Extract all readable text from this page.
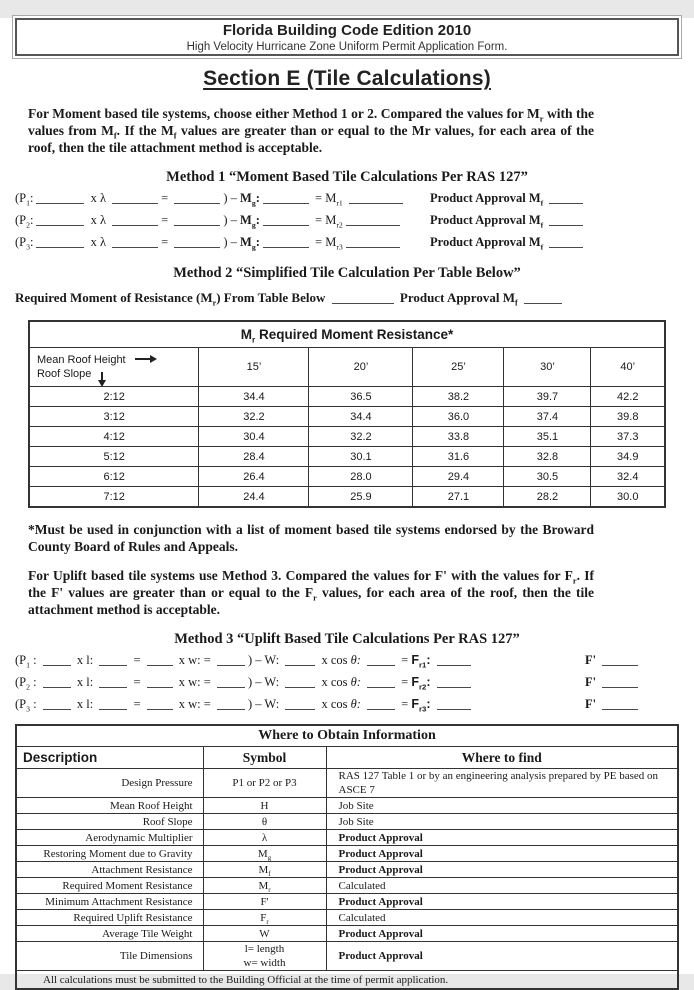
Florida Building Code Edition 2010
High Velocity Hurricane Zone Uniform Permit Application Form.
Section E (Tile Calculations)

For Moment based tile systems, choose either Method 1 or 2. Compared the values for $M_r$ with the values from $M_f$. If the $M_f$ values are greater than or equal to the Mr values, for each area of the roof, then the tile attachment method is acceptable.

Method 1 “Moment Based Tile Calculations Per RAS 127”
($P_1$:	x λ	=	) – $M_g$:	= $M_{r1}$	Product Approval $M_f$
($P_2$:	x λ	=	) – $M_g$:	= $M_{r2}$	Product Approval $M_f$
($P_3$:	x λ	=	) – $M_g$:	= $M_{r3}$	Product Approval $M_f$
Method 2 “Simplified Tile Calculation Per Table Below”
Required Moment of Resistance $(M_r)$ From Table Below	Product Approval $M_f$
$M_r$ Required Moment Resistance*					

Mean Roof Height
Roof Slope	15’	20’	25’	30’	40’
2:12	34.4	36.5	38.2	39.7	42.2
3:12	32.2	34.4	36.0	37.4	39.8
4:12	30.4	32.2	33.8	35.1	37.3
5:12	28.4	30.1	31.6	32.8	34.9
6:12	26.4	28.0	29.4	30.5	32.4
7:12	24.4	25.9	27.1	28.2	30.0

*Must be used in conjunction with a list of moment based tile systems endorsed by the Broward County Board of Rules and Appeals.

For Uplift based tile systems use Method 3. Compared the values for F' with the values for $F_r$. If the F' values are greater than or equal to the $F_r$ values, for each area of the roof, then the tile attachment method is acceptable.

Method 3 “Uplift Based Tile Calculations Per RAS 127”
($P_1$ :	x l:	=	x w: =	) – W:	x cos θ:	= $F_{r1}$:	F'
($P_2$ :	x l:	=	x w: =	) – W:	x cos θ:	= $F_{r2}$:	F'
($P_3$ :	x l:	=	x w: =	) – W:	x cos θ:	= $F_{r3}$:	F'
Where to Obtain Information		
Description	Symbol	Where to find
Design Pressure	P1 or P2 or P3	RAS 127 Table 1 or by an engineering analysis prepared by PE based on ASCE 7
Mean Roof Height	H	Job Site
Roof Slope	θ	Job Site
Aerodynamic Multiplier	λ	Product Approval
Restoring Moment due to Gravity	$M_g$	Product Approval
Attachment Resistance	$M_f$	Product Approval
Required Moment Resistance	$M_r$	Calculated
Minimum Attachment Resistance	F'	Product Approval
Required Uplift Resistance	$F_r$	Calculated
Average Tile Weight	W	Product Approval
Tile Dimensions	l= length
w= width	Product Approval
All calculations must be submitted to the Building Official at the time of permit application.		
